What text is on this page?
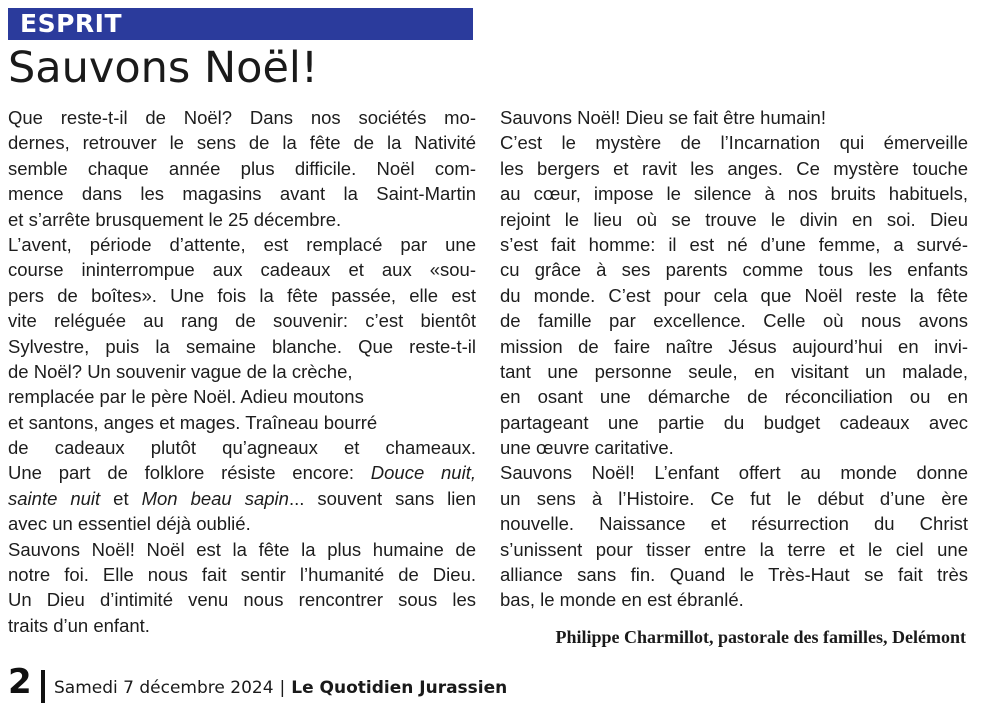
ESPRIT
Sauvons Noël!
Que reste-t-il de Noël? Dans nos sociétés mo-
dernes, retrouver le sens de la fête de la Nativité
semble chaque année plus difficile. Noël com-
mence dans les magasins avant la Saint-Martin
et s’arrête brusquement le 25 décembre.
L’avent, période d’attente, est remplacé par une
course ininterrompue aux cadeaux et aux «sou-
pers de boîtes». Une fois la fête passée, elle est
vite reléguée au rang de souvenir: c’est bientôt
Sylvestre, puis la semaine blanche. Que reste-t-il
de Noël? Un souvenir vague de la crèche,
remplacée par le père Noël. Adieu moutons
et santons, anges et mages. Traîneau bourré
de cadeaux plutôt qu’agneaux et chameaux.
Une part de folklore résiste encore: Douce nuit,
sainte nuit et Mon beau sapin... souvent sans lien
avec un essentiel déjà oublié.
Sauvons Noël! Noël est la fête la plus humaine de
notre foi. Elle nous fait sentir l’humanité de Dieu.
Un Dieu d’intimité venu nous rencontrer sous les
traits d’un enfant.
Sauvons Noël! Dieu se fait être humain!
C’est le mystère de l’Incarnation qui émerveille
les bergers et ravit les anges. Ce mystère touche
au cœur, impose le silence à nos bruits habituels,
rejoint le lieu où se trouve le divin en soi. Dieu
s’est fait homme: il est né d’une femme, a survé-
cu grâce à ses parents comme tous les enfants
du monde. C’est pour cela que Noël reste la fête
de famille par excellence. Celle où nous avons
mission de faire naître Jésus aujourd’hui en invi-
tant une personne seule, en visitant un malade,
en osant une démarche de réconciliation ou en
partageant une partie du budget cadeaux avec
une œuvre caritative.
Sauvons Noël! L’enfant offert au monde donne
un sens à l’Histoire. Ce fut le début d’une ère
nouvelle. Naissance et résurrection du Christ
s’unissent pour tisser entre la terre et le ciel une
alliance sans fin. Quand le Très-Haut se fait très
bas, le monde en est ébranlé.
Philippe Charmillot, pastorale des familles, Delémont
2 Samedi 7 décembre 2024 | Le Quotidien Jurassien
